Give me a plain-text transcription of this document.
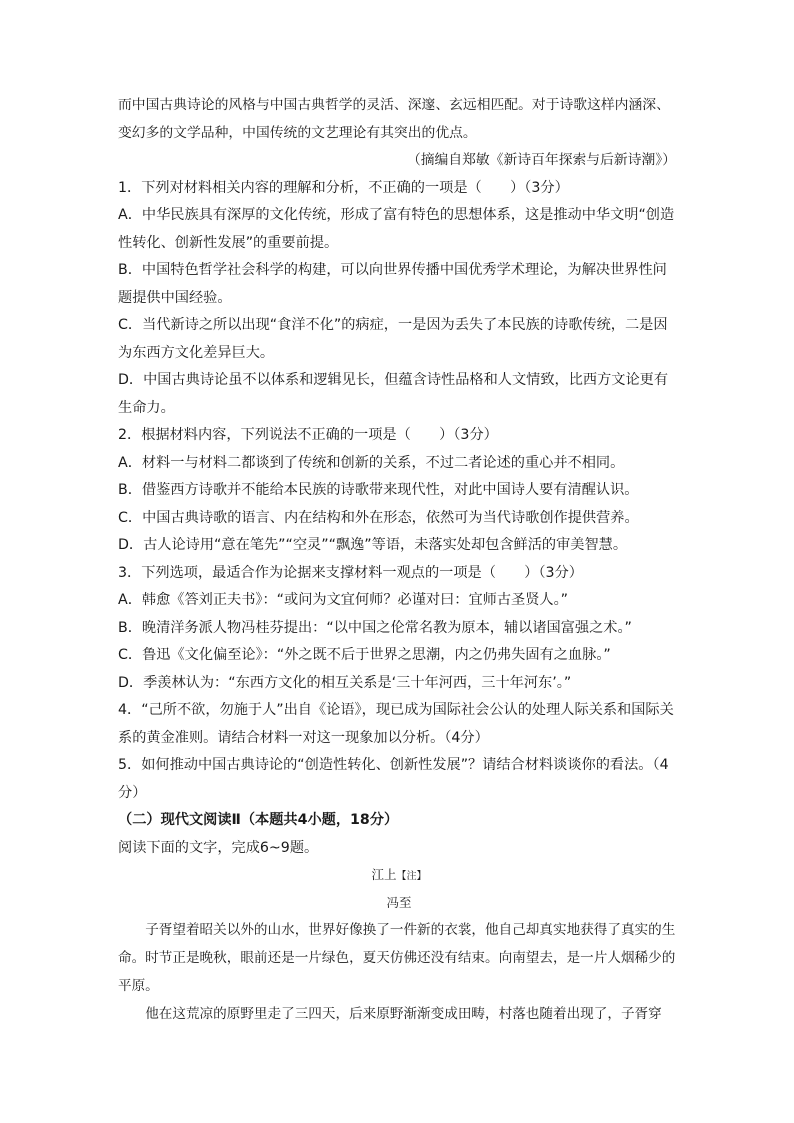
而中国古典诗论的风格与中国古典哲学的灵活、深邃、玄远相匹配。对于诗歌这样内涵深、

变幻多的文学品种，中国传统的文艺理论有其突出的优点。

（摘编自郑敏《新诗百年探索与后新诗潮》）

1．下列对材料相关内容的理解和分析，不正确的一项是（　　）（3分）

A．中华民族具有深厚的文化传统，形成了富有特色的思想体系，这是推动中华文明“创造性转化、创新性发展”的重要前提。

B．中国特色哲学社会科学的构建，可以向世界传播中国优秀学术理论，为解决世界性问题提供中国经验。

C．当代新诗之所以出现“食洋不化”的病症，一是因为丢失了本民族的诗歌传统，二是因为东西方文化差异巨大。

D．中国古典诗论虽不以体系和逻辑见长，但蕴含诗性品格和人文情致，比西方文论更有生命力。

2．根据材料内容，下列说法不正确的一项是（　　）（3分）

A．材料一与材料二都谈到了传统和创新的关系，不过二者论述的重心并不相同。

B．借鉴西方诗歌并不能给本民族的诗歌带来现代性，对此中国诗人要有清醒认识。

C．中国古典诗歌的语言、内在结构和外在形态，依然可为当代诗歌创作提供营养。

D．古人论诗用“意在笔先”“空灵”“飘逸”等语，未落实处却包含鲜活的审美智慧。

3．下列选项，最适合作为论据来支撑材料一观点的一项是（　　）（3分）

A．韩愈《答刘正夫书》：“或问为文宜何师？必谨对曰：宜师古圣贤人。”

B．晚清洋务派人物冯桂芬提出：“以中国之伦常名教为原本，辅以诸国富强之术。”

C．鲁迅《文化偏至论》：“外之既不后于世界之思潮，内之仍弗失固有之血脉。”

D．季羡林认为：“东西方文化的相互关系是‘三十年河西，三十年河东’。”

4．“己所不欲，勿施于人”出自《论语》，现已成为国际社会公认的处理人际关系和国际关系的黄金准则。请结合材料一对这一现象加以分析。（4分）

5．如何推动中国古典诗论的“创造性转化、创新性发展”？请结合材料谈谈你的看法。（4分）

（二）现代文阅读Ⅱ（本题共4小题，18分）

阅读下面的文字，完成6~9题。

江上【注】

冯至

子胥望着昭关以外的山水，世界好像换了一件新的衣裳，他自己却真实地获得了真实的生命。时节正是晚秋，眼前还是一片绿色，夏天仿佛还没有结束。向南望去，是一片人烟稀少的平原。

他在这荒凉的原野里走了三四天，后来原野渐渐变成田畴，村落也随着出现了，子胥穿
